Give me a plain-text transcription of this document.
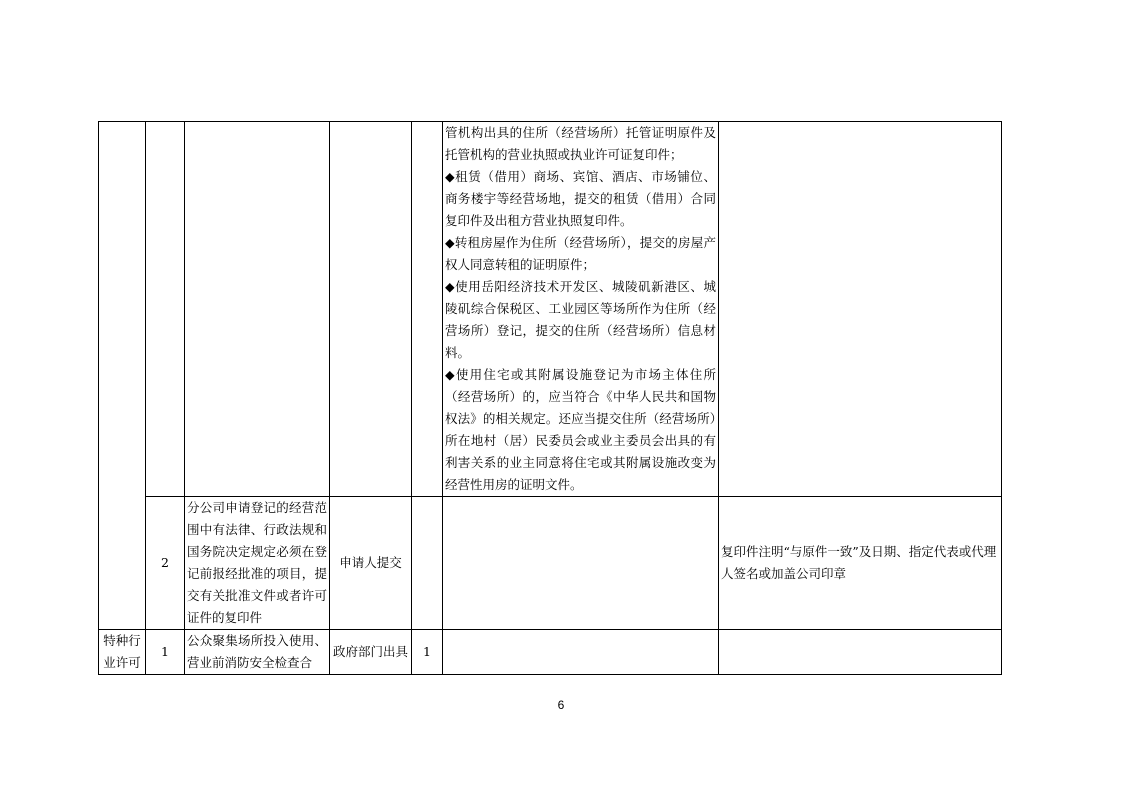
					管机构出具的住所（经营场所）托管证明原件及托管机构的营业执照或执业许可证复印件；
◆租赁（借用）商场、宾馆、酒店、市场铺位、商务楼宇等经营场地，提交的租赁（借用）合同复印件及出租方营业执照复印件。
◆转租房屋作为住所（经营场所），提交的房屋产权人同意转租的证明原件；
◆使用岳阳经济技术开发区、城陵矶新港区、城陵矶综合保税区、工业园区等场所作为住所（经营场所）登记，提交的住所（经营场所）信息材料。
◆使用住宅或其附属设施登记为市场主体住所（经营场所）的，应当符合《中华人民共和国物权法》的相关规定。还应当提交住所（经营场所）所在地村（居）民委员会或业主委员会出具的有利害关系的业主同意将住宅或其附属设施改变为经营性用房的证明文件。	

	2	分公司申请登记的经营范围中有法律、行政法规和国务院决定规定必须在登记前报经批准的项目，提交有关批准文件或者许可证件的复印件	申请人提交			复印件注明“与原件一致”及日期、指定代表或代理人签名或加盖公司印章
特种行业许可	1	公众聚集场所投入使用、营业前消防安全检查合	政府部门出具	1		
6
